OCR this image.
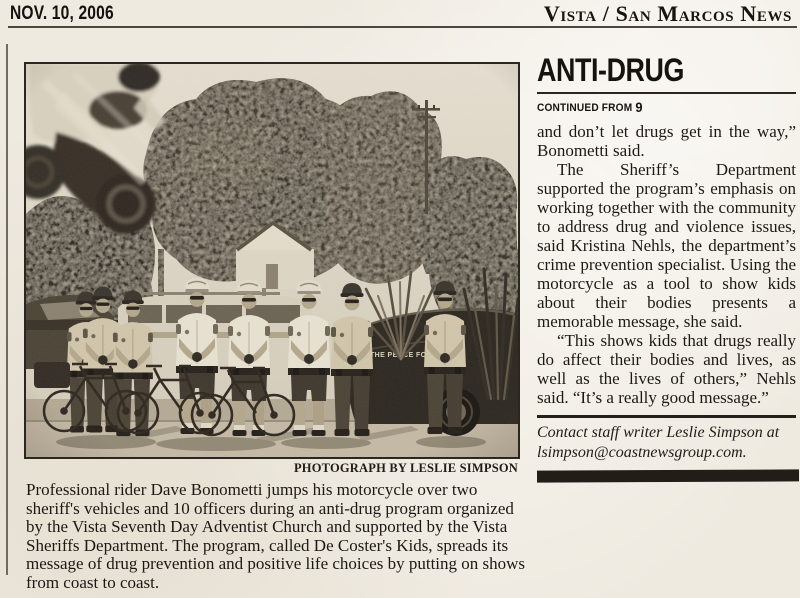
NOV. 10, 2006	Vista / San Marcos News
PHOTOGRAPH BY LESLIE SIMPSON

Professional rider Dave Bonometti jumps his motorcycle over two sheriff's vehicles and 10 officers during an anti-drug program organized by the Vista Seventh Day Adventist Church and supported by the Vista Sheriffs Department. The program, called De Coster's Kids, spreads its message of drug prevention and positive life choices by putting on shows from coast to coast.

ANTI-DRUG
CONTINUED FROM 9

and don’t let drugs get in the way,” Bonometti said.

The Sheriff’s Department supported the program’s emphasis on working together with the community to address drug and violence issues, said Kristina Nehls, the department’s crime prevention specialist. Using the motorcycle as a tool to show kids about their bodies presents a memorable message, she said.

“This shows kids that drugs really do affect their bodies and lives, as well as the lives of others,” Nehls said. “It’s a really good message.”

Contact staff writer Leslie Simpson at lsimpson@coastnewsgroup.com.
